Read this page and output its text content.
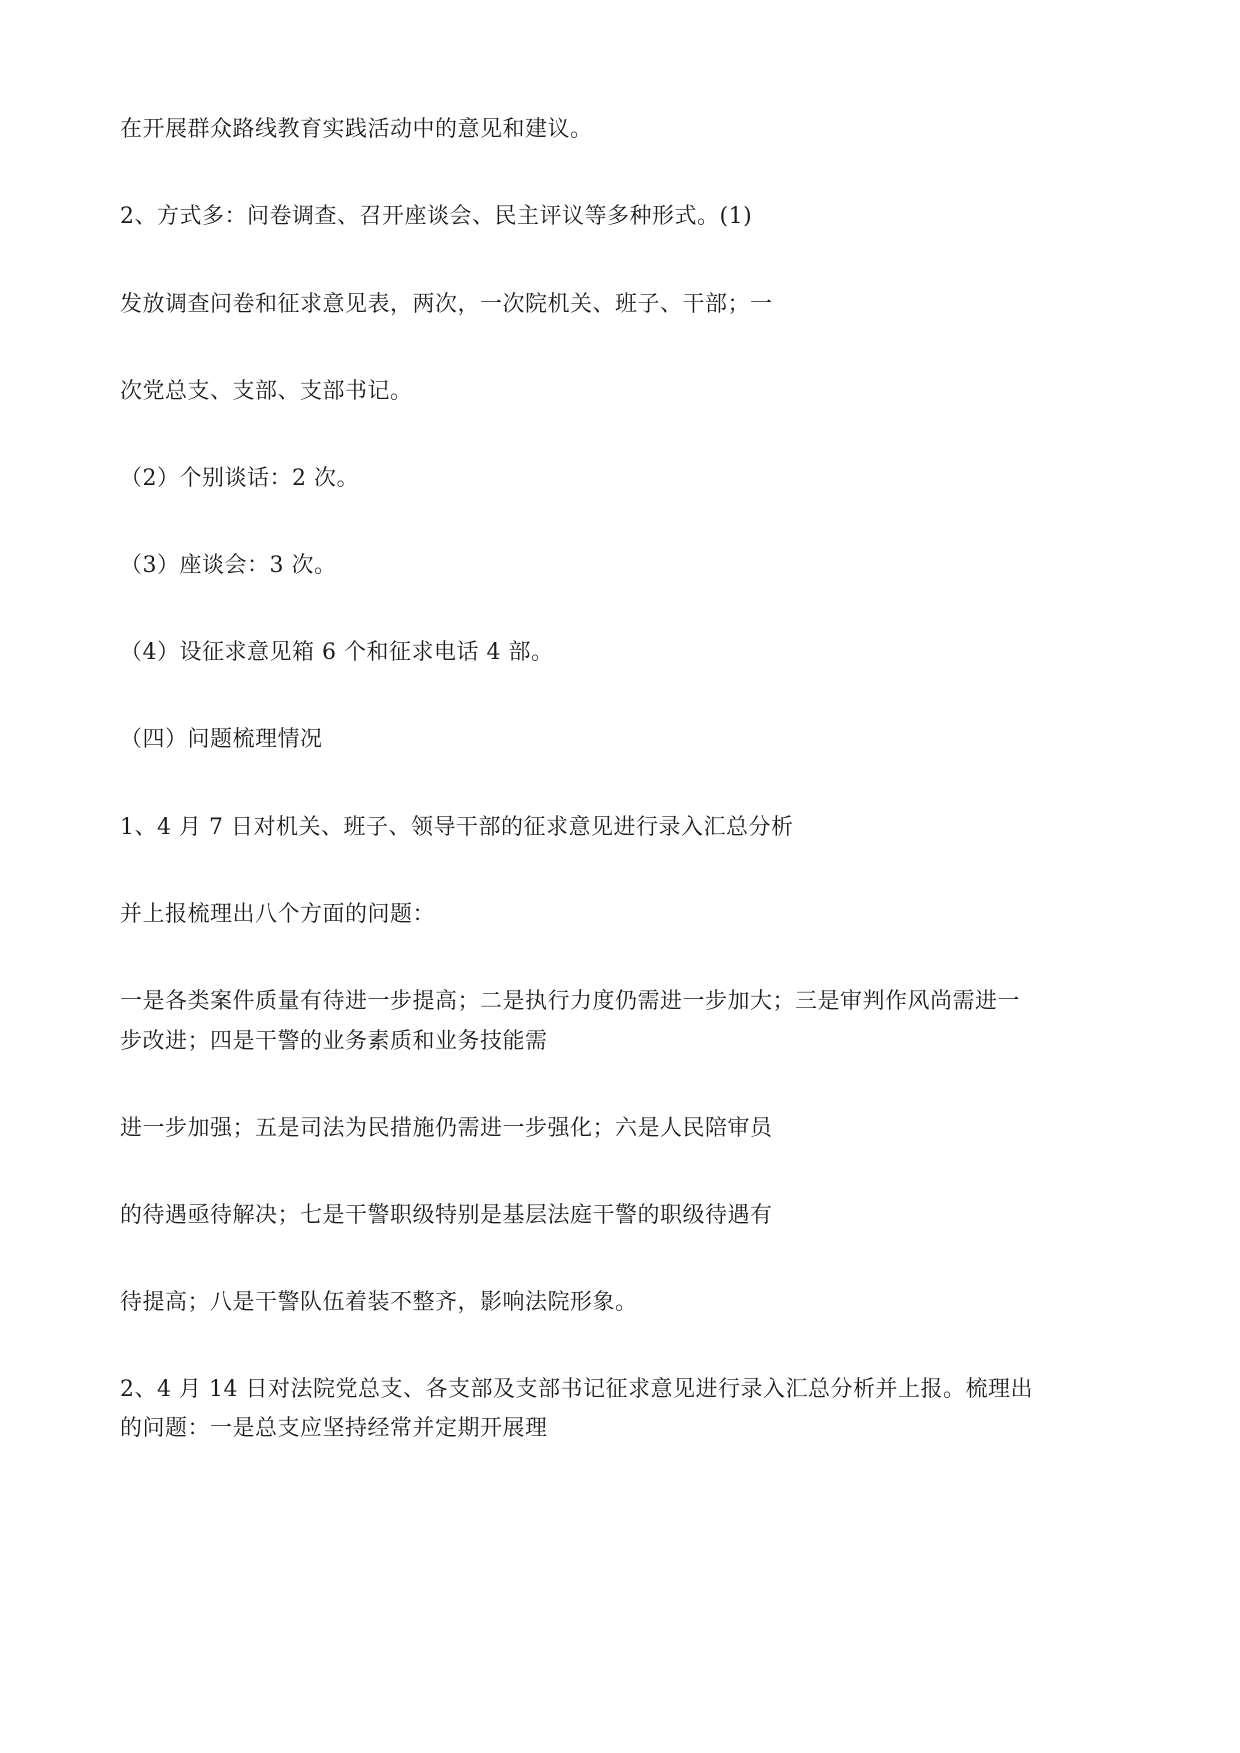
在开展群众路线教育实践活动中的意见和建议。
2、方式多：问卷调查、召开座谈会、民主评议等多种形式。(1)
发放调查问卷和征求意见表，两次，一次院机关、班子、干部；一
次党总支、支部、支部书记。
（2）个别谈话：2 次。
（3）座谈会：3 次。
（4）设征求意见箱 6 个和征求电话 4 部。
（四）问题梳理情况
1、4 月 7 日对机关、班子、领导干部的征求意见进行录入汇总分析
并上报梳理出八个方面的问题：
一是各类案件质量有待进一步提高；二是执行力度仍需进一步加大；三是审判作风尚需进一
步改进；四是干警的业务素质和业务技能需
进一步加强；五是司法为民措施仍需进一步强化；六是人民陪审员
的待遇亟待解决；七是干警职级特别是基层法庭干警的职级待遇有
待提高；八是干警队伍着装不整齐，影响法院形象。
2、4 月 14 日对法院党总支、各支部及支部书记征求意见进行录入汇总分析并上报。梳理出
的问题：一是总支应坚持经常并定期开展理
